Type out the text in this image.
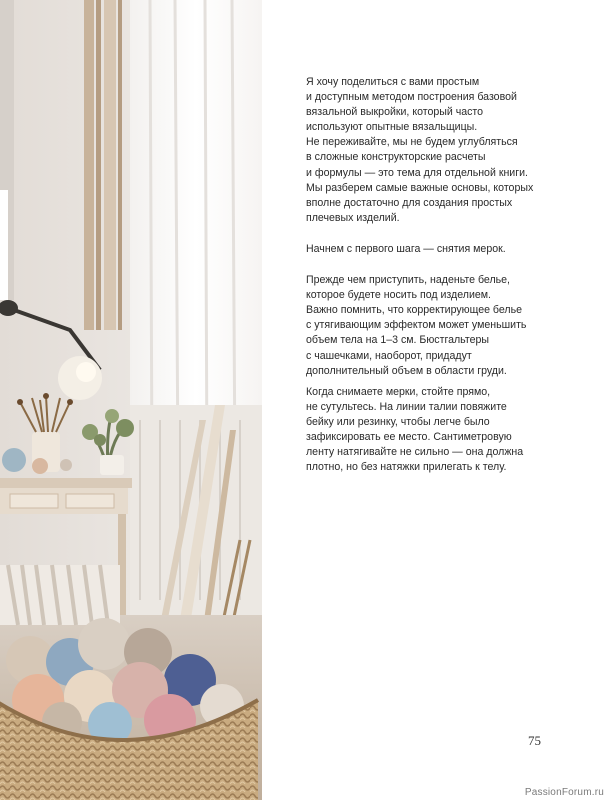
Я хочу поделиться с вами простым
и доступным методом построения базовой
вязальной выкройки, который часто
используют опытные вязальщицы.
Не переживайте, мы не будем углубляться
в сложные конструкторские расчеты
и формулы — это тема для отдельной книги.
Мы разберем самые важные основы, которых
вполне достаточно для создания простых
плечевых изделий.

Начнем с первого шага — снятия мерок.

Прежде чем приступить, наденьте белье,
которое будете носить под изделием.
Важно помнить, что корректирующее белье
с утягивающим эффектом может уменьшить
объем тела на 1–3 см. Бюстгальтеры
с чашечками, наоборот, придадут
дополнительный объем в области груди.

Когда снимаете мерки, стойте прямо,
не сутультесь. На линии талии повяжите
бейку или резинку, чтобы легче было
зафиксировать ее место. Сантиметровую
ленту натягивайте не сильно — она должна
плотно, но без натяжки прилегать к телу.

75
PassionForum.ru
